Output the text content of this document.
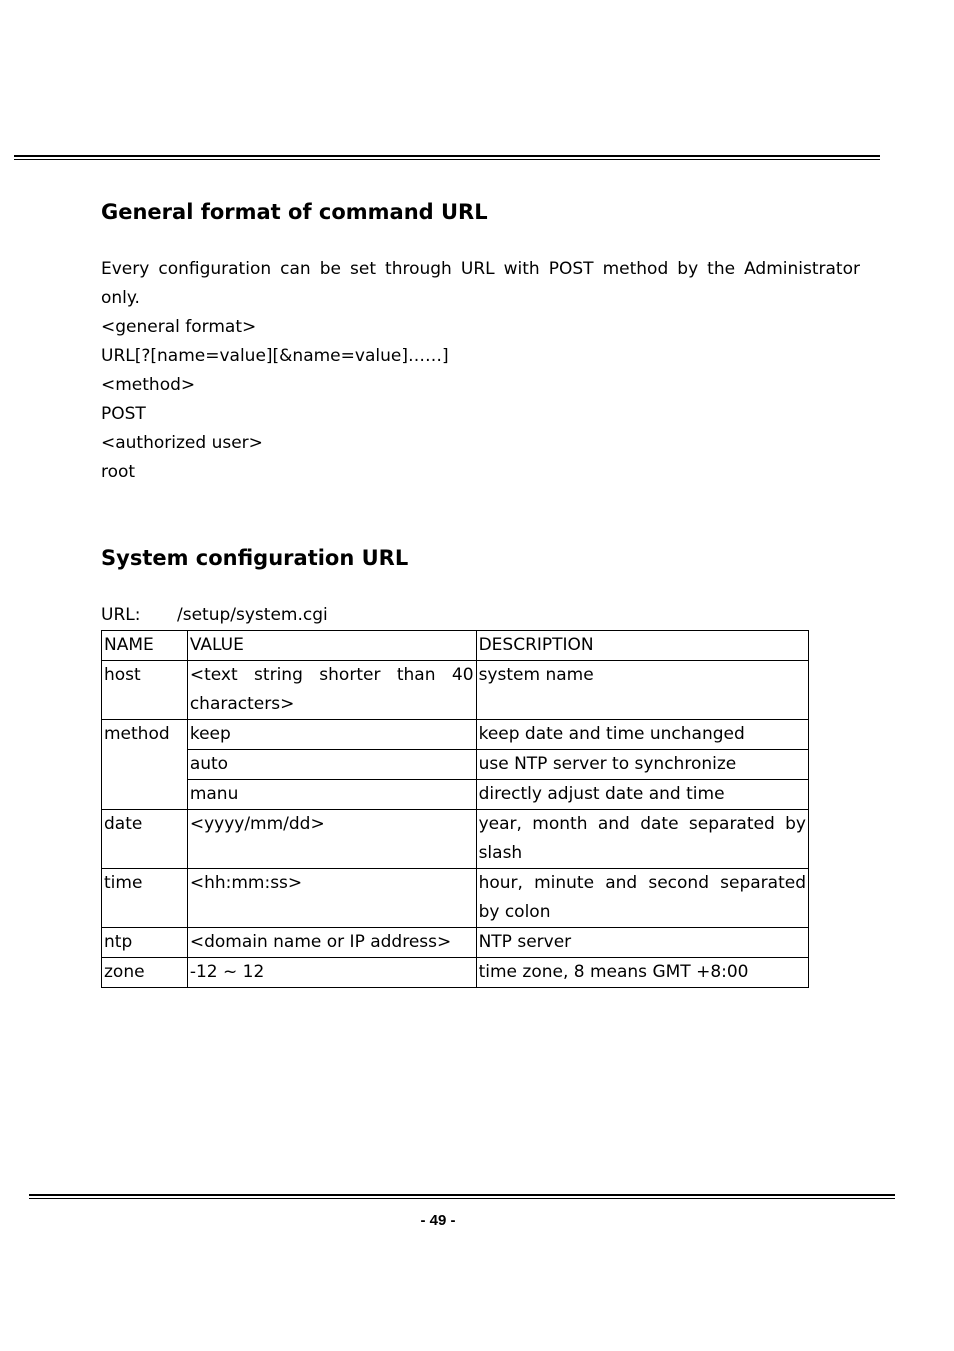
General format of command URL
Every configuration can be set through URL with POST method by the Administrator
only.
<general format>
URL[?[name=value][&name=value]……]
<method>
POST
<authorized user>
root
System configuration URL
URL: /setup/system.cgi
NAME	VALUE	DESCRIPTION
host	<text string shorter than 40 characters>	system name
method	keep	keep date and time unchanged
	auto	use NTP server to synchronize
	manu	directly adjust date and time
date	<yyyy/mm/dd>	year, month and date separated by slash
time	<hh:mm:ss>	hour, minute and second separated by colon
ntp	<domain name or IP address>	NTP server
zone	-12 ~ 12	time zone, 8 means GMT +8:00
- 49 -
